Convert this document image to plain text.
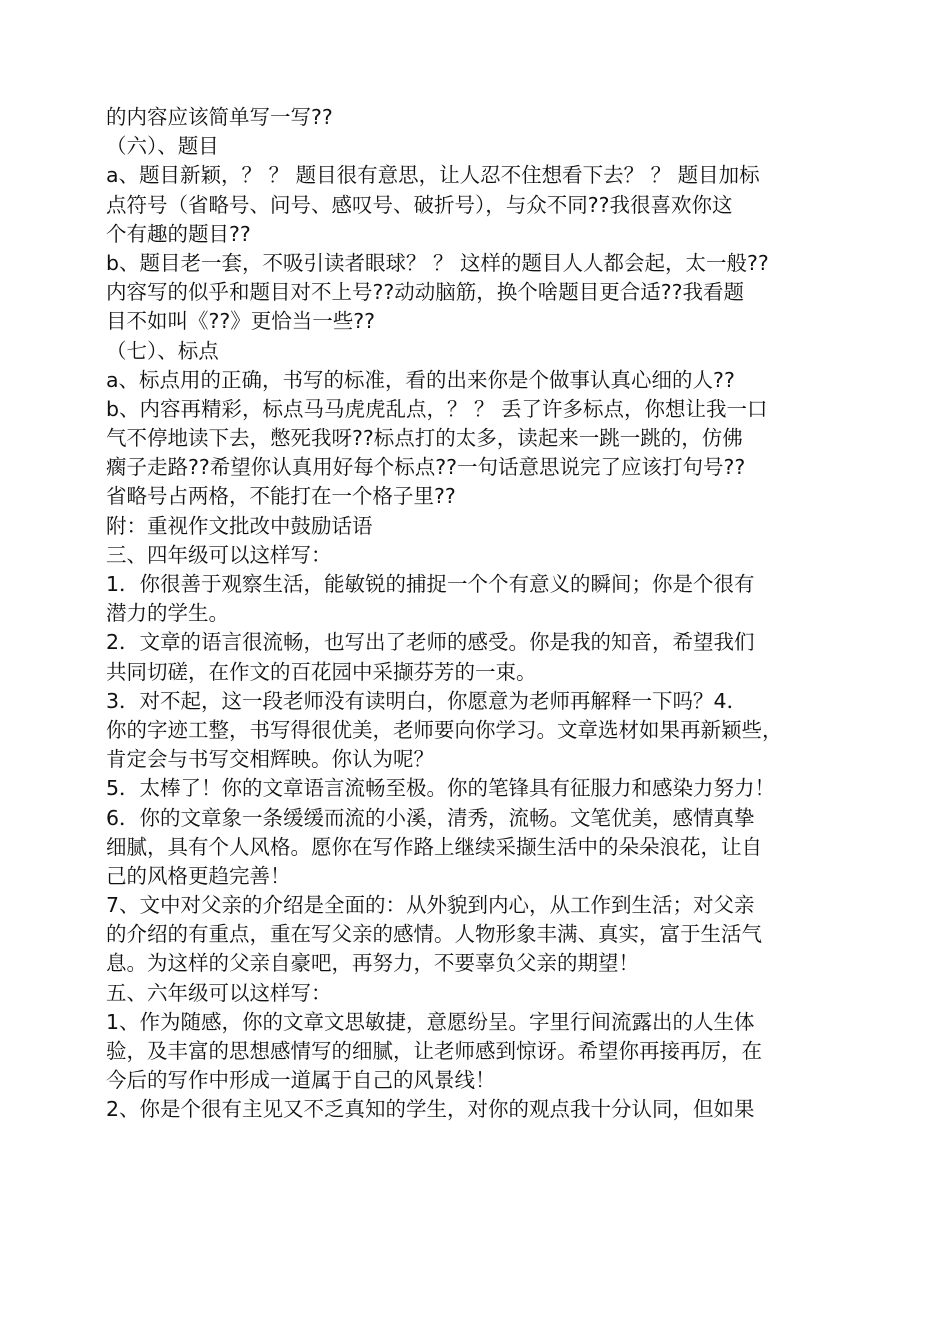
的内容应该简单写一写??
（六）、题目
a、题目新颖，？ ？ 题目很有意思，让人忍不住想看下去？ ？ 题目加标
点符号（省略号、问号、感叹号、破折号），与众不同??我很喜欢你这
个有趣的题目??
b、题目老一套，不吸引读者眼球？ ？ 这样的题目人人都会起，太一般??
内容写的似乎和题目对不上号??动动脑筋，换个啥题目更合适??我看题
目不如叫《??》更恰当一些??
（七）、标点
a、标点用的正确，书写的标准，看的出来你是个做事认真心细的人??
b、内容再精彩，标点马马虎虎乱点，？ ？ 丢了许多标点，你想让我一口
气不停地读下去，憋死我呀??标点打的太多，读起来一跳一跳的，仿佛
瘸子走路??希望你认真用好每个标点??一句话意思说完了应该打句号??
省略号占两格，不能打在一个格子里??
附：重视作文批改中鼓励话语
三、四年级可以这样写：
1．你很善于观察生活，能敏锐的捕捉一个个有意义的瞬间；你是个很有
潜力的学生。
2．文章的语言很流畅，也写出了老师的感受。你是我的知音，希望我们
共同切磋，在作文的百花园中采撷芬芳的一束。
3．对不起，这一段老师没有读明白，你愿意为老师再解释一下吗？4．
你的字迹工整，书写得很优美，老师要向你学习。文章选材如果再新颖些，
肯定会与书写交相辉映。你认为呢？
5．太棒了！你的文章语言流畅至极。你的笔锋具有征服力和感染力努力！
6．你的文章象一条缓缓而流的小溪，清秀，流畅。文笔优美，感情真挚
细腻，具有个人风格。愿你在写作路上继续采撷生活中的朵朵浪花，让自
己的风格更趋完善！
7、文中对父亲的介绍是全面的：从外貌到内心，从工作到生活；对父亲
的介绍的有重点，重在写父亲的感情。人物形象丰满、真实，富于生活气
息。为这样的父亲自豪吧，再努力，不要辜负父亲的期望！
五、六年级可以这样写：
1、作为随感，你的文章文思敏捷，意愿纷呈。字里行间流露出的人生体
验，及丰富的思想感情写的细腻，让老师感到惊讶。希望你再接再厉，在
今后的写作中形成一道属于自己的风景线！
2、你是个很有主见又不乏真知的学生，对你的观点我十分认同，但如果
